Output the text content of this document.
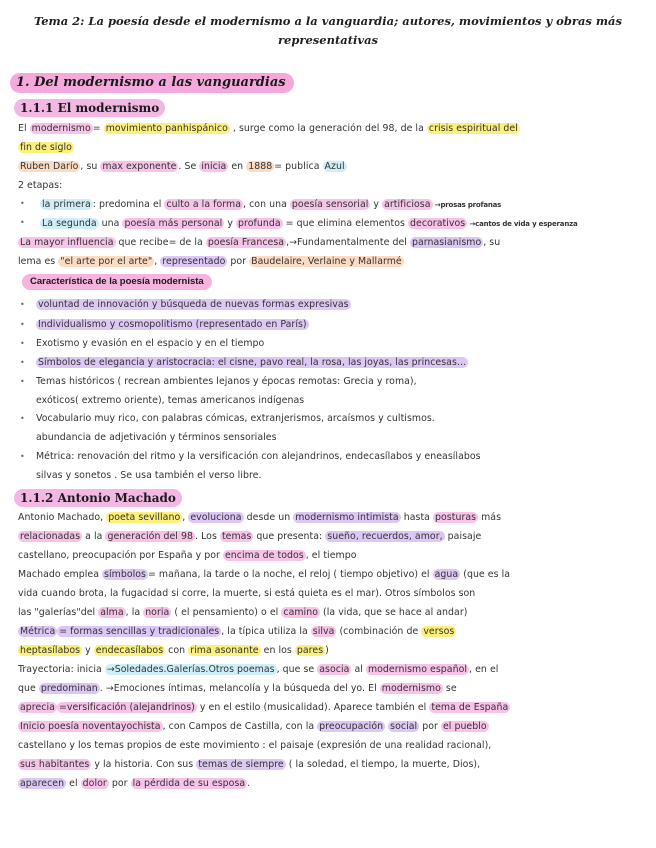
Tema 2: La poesía desde el modernismo a la vanguardia; autores, movimientos y obras más
representativas
1. Del modernismo a las vanguardias
1.1.1 El modernismo
El modernismo = movimiento panhispánico , surge como la generación del 98, de la crisis espiritual del
fin de siglo
Ruben Darío , su max exponente . Se inicia en 1888 = publica Azul
2 etapas:
• la primera : predomina el culto a la forma , con una poesía sensorial y artificiosa →prosas profanas
• La segunda una poesía más personal y profunda = que elimina elementos decorativos →cantos de vida y esperanza
La mayor influencia que recibe= de la poesía Francesa ,→Fundamentalmente del parnasianismo , su
lema es "el arte por el arte" , representado por Baudelaire, Verlaine y Mallarmé
Característica de la poesía modernista
• voluntad de innovación y búsqueda de nuevas formas expresivas
• Individualismo y cosmopolitismo (representado en París)
• Exotismo y evasión en el espacio y en el tiempo
• Símbolos de elegancia y aristocracia: el cisne, pavo real, la rosa, las joyas, las princesas…
• Temas históricos ( recrean ambientes lejanos y épocas remotas: Grecia y roma),
exóticos( extremo oriente), temas americanos indígenas
• Vocabulario muy rico, con palabras cómicas, extranjerismos, arcaísmos y cultismos.
abundancia de adjetivación y términos sensoriales
• Métrica: renovación del ritmo y la versificación con alejandrinos, endecasílabos y eneasílabos
silvas y sonetos . Se usa también el verso libre.
1.1.2 Antonio Machado
Antonio Machado, poeta sevillano , evoluciona desde un modernismo intimista hasta posturas más
relacionadas a la generación del 98 . Los temas que presenta: sueño, recuerdos, amor, paisaje
castellano, preocupación por España y por encima de todos , el tiempo
Machado emplea símbolos = mañana, la tarde o la noche, el reloj ( tiempo objetivo) el agua (que es la
vida cuando brota, la fugacidad si corre, la muerte, si está quieta es el mar). Otros símbolos son
las "galerías"del alma , la noria ( el pensamiento) o el camino (la vida, que se hace al andar)
Métrica = formas sencillas y tradicionales , la típica utiliza la silva (combinación de versos
heptasílabos y endecasílabos con rima asonante en los pares )
Trayectoria: inicia →Soledades.Galerías.Otros poemas , que se asocia al modernismo español , en el
que predominan . →Emociones íntimas, melancolía y la búsqueda del yo. El modernismo se
aprecia =versificación (alejandrinos) y en el estilo (musicalidad). Aparece también el tema de España
Inicio poesía noventayochista , con Campos de Castilla, con la preocupación social por el pueblo
castellano y los temas propios de este movimiento : el paisaje (expresión de una realidad racional),
sus habitantes y la historia. Con sus temas de siempre ( la soledad, el tiempo, la muerte, Dios),
aparecen el dolor por la pérdida de su esposa .
